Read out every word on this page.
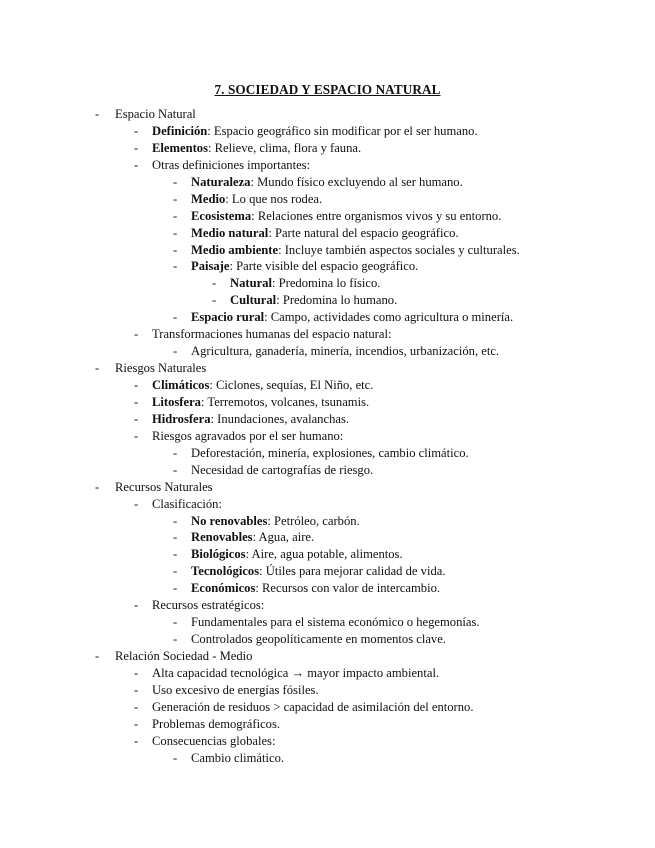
7. SOCIEDAD Y ESPACIO NATURAL
- Espacio Natural
- Definición: Espacio geográfico sin modificar por el ser humano.
- Elementos: Relieve, clima, flora y fauna.
- Otras definiciones importantes:
- Naturaleza: Mundo físico excluyendo al ser humano.
- Medio: Lo que nos rodea.
- Ecosistema: Relaciones entre organismos vivos y su entorno.
- Medio natural: Parte natural del espacio geográfico.
- Medio ambiente: Incluye también aspectos sociales y culturales.
- Paisaje: Parte visible del espacio geográfico.
- Natural: Predomina lo físico.
- Cultural: Predomina lo humano.
- Espacio rural: Campo, actividades como agricultura o minería.
- Transformaciones humanas del espacio natural:
- Agricultura, ganadería, minería, incendios, urbanización, etc.
- Riesgos Naturales
- Climáticos: Ciclones, sequías, El Niño, etc.
- Litosfera: Terremotos, volcanes, tsunamis.
- Hidrosfera: Inundaciones, avalanchas.
- Riesgos agravados por el ser humano:
- Deforestación, minería, explosiones, cambio climático.
- Necesidad de cartografías de riesgo.
- Recursos Naturales
- Clasificación:
- No renovables: Petróleo, carbón.
- Renovables: Agua, aire.
- Biológicos: Aire, agua potable, alimentos.
- Tecnológicos: Útiles para mejorar calidad de vida.
- Económicos: Recursos con valor de intercambio.
- Recursos estratégicos:
- Fundamentales para el sistema económico o hegemonías.
- Controlados geopolíticamente en momentos clave.
- Relación Sociedad - Medio
- Alta capacidad tecnológica → mayor impacto ambiental.
- Uso excesivo de energías fósiles.
- Generación de residuos > capacidad de asimilación del entorno.
- Problemas demográficos.
- Consecuencias globales:
- Cambio climático.
